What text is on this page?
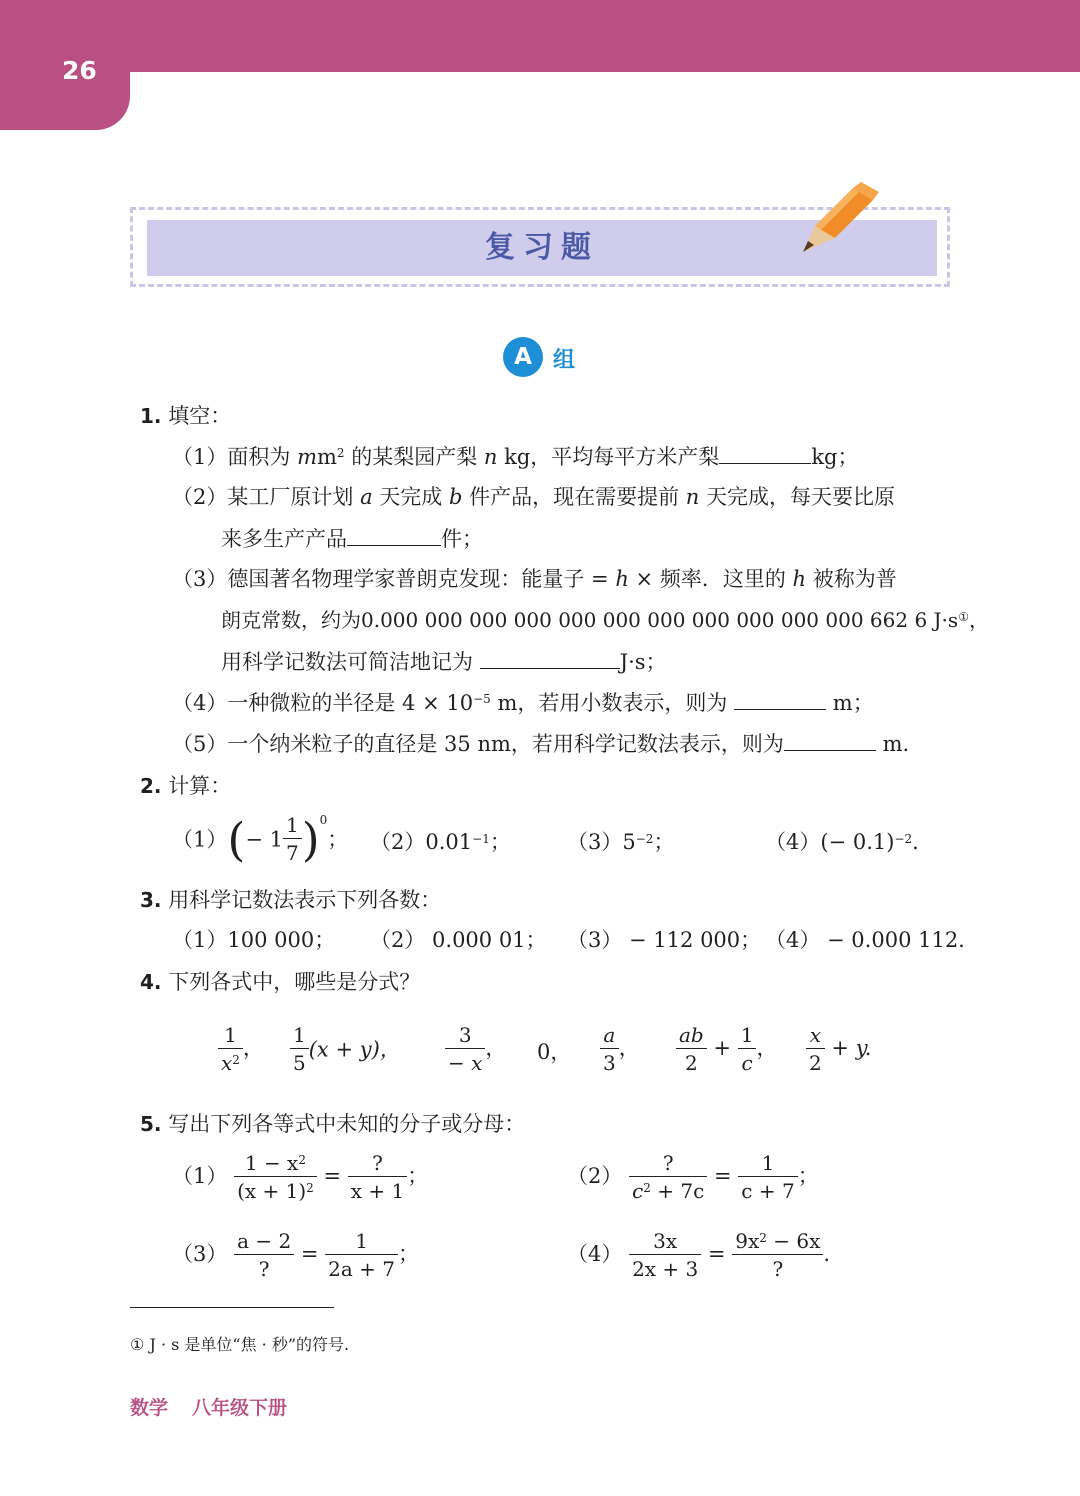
26
复习题
A 组
1. 填空：
（1）面积为 $mm^2$ 的某梨园产梨 n kg，平均每平方米产梨	kg；
（2）某工厂原计划 a 天完成 b 件产品，现在需要提前 n 天完成，每天要比原
来多生产产品	件；
（3）德国著名物理学家普朗克发现：能量子 = h × 频率．这里的 h 被称为普
朗克常数，约为0.000 000 000 000 000 000 000 000 000 000 000 662 6 J·s①，
用科学记数法可简洁地记为	J·s；
（4）一种微粒的半径是 $4 \times 10^{-5}$ m，若用小数表示，则为	m；
（5）一个纳米粒子的直径是 35 nm，若用科学记数法表示，则为	m.
2. 计算：
$(1)(- 1 \frac{1}{7} )^0$； $(2)0.01^{-1}$；	$(3)5^{-2}$；	$(4)(- 0.1)^{-2}$.
3. 用科学记数法表示下列各数：
（1）100 000； （2） 0.000 01； （3） − 112 000； （4） − 0.000 112.
4. 下列各式中，哪些是分式？
$\frac{1}{x^2}$ ， $\frac{1}{5} (x + y)$， $\frac{3}{- x}$ ， 0， $\frac{a}{3}$ ， $\frac{ab}{2} + \frac{1}{c}$ ， $\frac{x}{2} + y$.
5. 写出下列各等式中未知的分子或分母：
$(1) \frac{1 - x^2}{(x + 1)^2} = \frac{?}{x + 1}$ ；	$(2) \frac{?}{c^2 + 7c} = \frac{1}{c + 7}$ ；
$(3) \frac{a - 2}{?} = \frac{1}{2a + 7}$ ；	$(4) \frac{3x}{2x + 3} = \frac{9x^2 - 6x}{?}$ .
① J · s 是单位“焦 · 秒”的符号.
数学 八年级下册
